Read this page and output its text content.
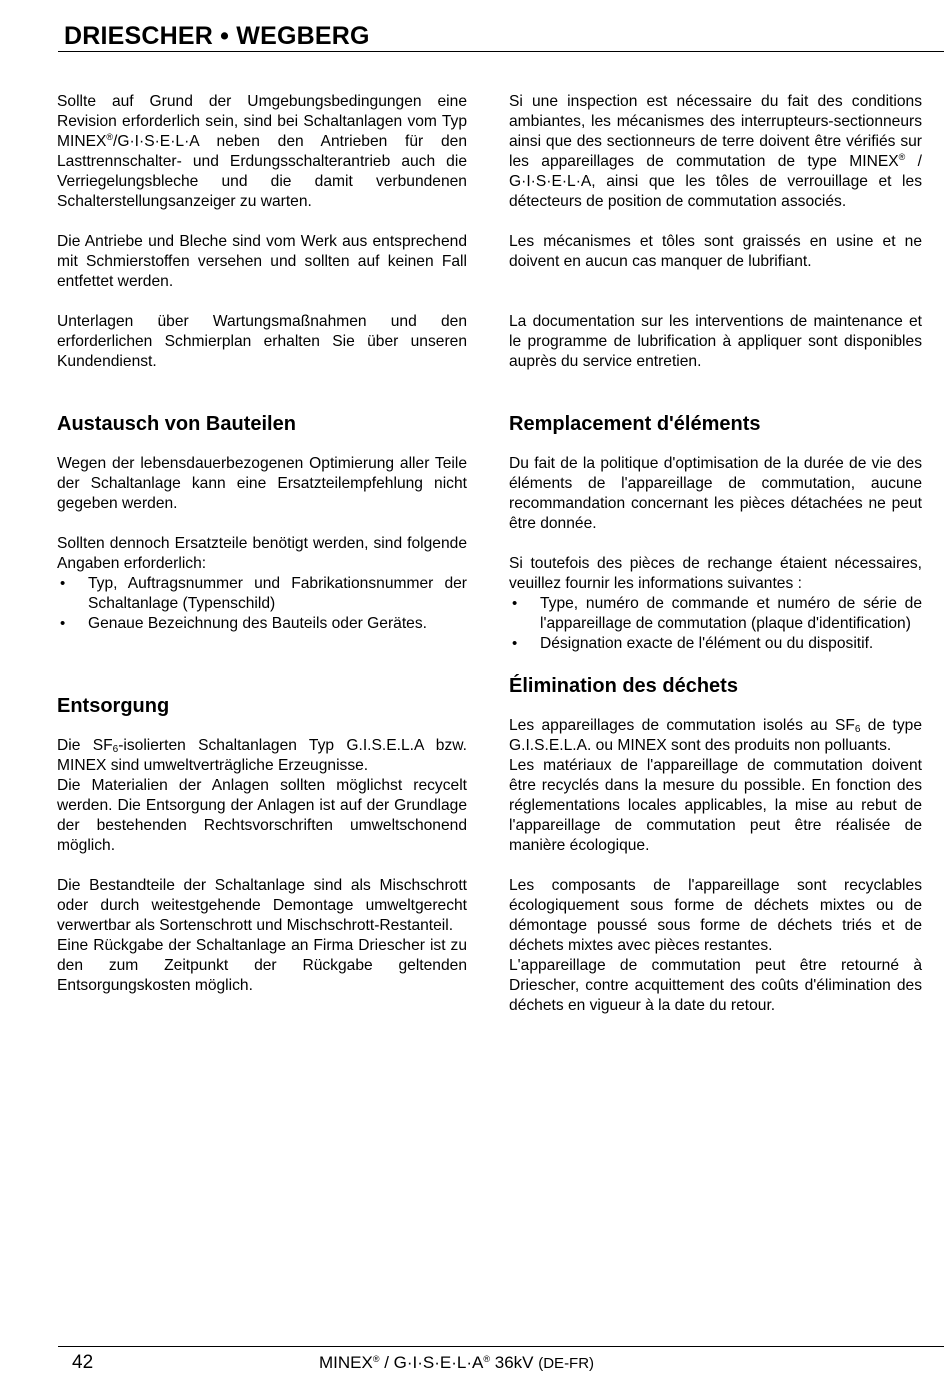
DRIESCHER • WEGBERG

Sollte auf Grund der Umgebungsbedingungen eine Revision erforderlich sein, sind bei Schaltanlagen vom Typ MINEX®/G·I·S·E·L·A neben den Antrieben für den Lasttrennschalter- und Erdungsschalterantrieb auch die Verriegelungsbleche und die damit verbundenen Schalterstellungsanzeiger zu warten.

Die Antriebe und Bleche sind vom Werk aus entsprechend mit Schmierstoffen versehen und sollten auf keinen Fall entfettet werden.

Unterlagen über Wartungsmaßnahmen und den erforderlichen Schmierplan erhalten Sie über unseren Kundendienst.

Austausch von Bauteilen

Wegen der lebensdauerbezogenen Optimierung aller Teile der Schaltanlage kann eine Ersatzteilempfehlung nicht gegeben werden.

Sollten dennoch Ersatzteile benötigt werden, sind folgende Angaben erforderlich:

• Typ, Auftragsnummer und Fabrikationsnummer der Schaltanlage (Typenschild)
• Genaue Bezeichnung des Bauteils oder Gerätes.
Entsorgung

Die $SF_6$-isolierten Schaltanlagen Typ G.I.S.E.L.A bzw. MINEX sind umweltverträgliche Erzeugnisse.

Die Materialien der Anlagen sollten möglichst recycelt werden. Die Entsorgung der Anlagen ist auf der Grundlage der bestehenden Rechtsvorschriften umweltschonend möglich.

Die Bestandteile der Schaltanlage sind als Mischschrott oder durch weitestgehende Demontage umweltgerecht verwertbar als Sortenschrott und Mischschrott-Restanteil.

Eine Rückgabe der Schaltanlage an Firma Driescher ist zu den zum Zeitpunkt der Rückgabe geltenden Entsorgungskosten möglich.

Si une inspection est nécessaire du fait des conditions ambiantes, les mécanismes des interrupteurs-sectionneurs ainsi que des sectionneurs de terre doivent être vérifiés sur les appareillages de commutation de type MINEX® / G·I·S·E·L·A, ainsi que les tôles de verrouillage et les détecteurs de position de commutation associés.

Les mécanismes et tôles sont graissés en usine et ne doivent en aucun cas manquer de lubrifiant.

La documentation sur les interventions de maintenance et le programme de lubrification à appliquer sont disponibles auprès du service entretien.

Remplacement d'éléments

Du fait de la politique d'optimisation de la durée de vie des éléments de l'appareillage de commutation, aucune recommandation concernant les pièces détachées ne peut être donnée.

Si toutefois des pièces de rechange étaient nécessaires, veuillez fournir les informations suivantes :

• Type, numéro de commande et numéro de série de l'appareillage de commutation (plaque d'identification)
• Désignation exacte de l'élément ou du dispositif.
Élimination des déchets

Les appareillages de commutation isolés au $SF_6$ de type G.I.S.E.L.A. ou MINEX sont des produits non polluants.

Les matériaux de l'appareillage de commutation doivent être recyclés dans la mesure du possible. En fonction des réglementations locales applicables, la mise au rebut de l'appareillage de commutation peut être réalisée de manière écologique.

Les composants de l'appareillage sont recyclables écologiquement sous forme de déchets mixtes ou de démontage poussé sous forme de déchets triés et de déchets mixtes avec pièces restantes.

L'appareillage de commutation peut être retourné à Driescher, contre acquittement des coûts d'élimination des déchets en vigueur à la date du retour.

42	MINEX® / G·I·S·E·L·A® 36kV (DE-FR)
